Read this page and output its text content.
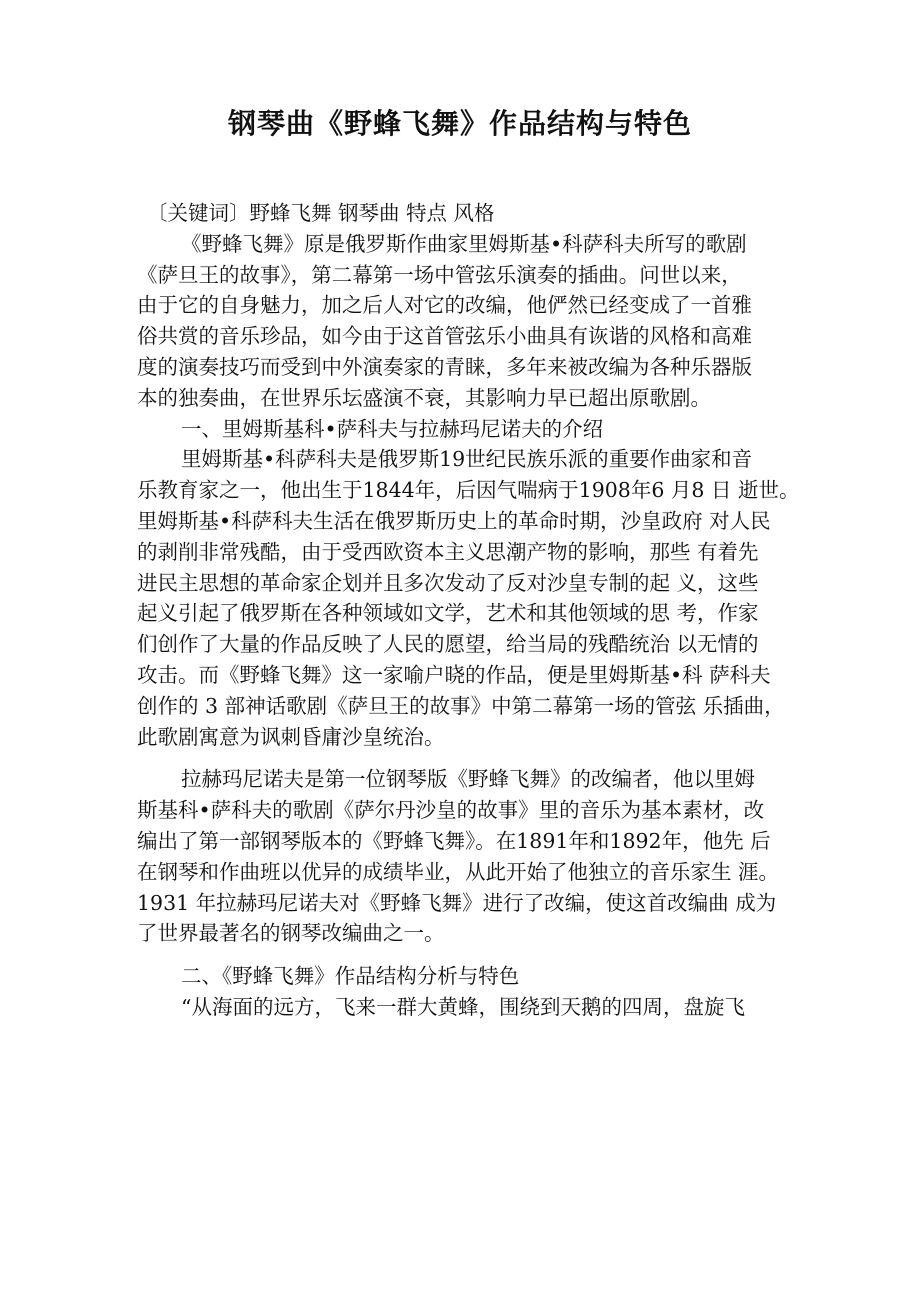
钢琴曲《野蜂飞舞》作品结构与特色
〔关键词〕野蜂飞舞 钢琴曲 特点 风格
《野蜂飞舞》原是俄罗斯作曲家里姆斯基•科萨科夫所写的歌剧
《萨旦王的故事》，第二幕第一场中管弦乐演奏的插曲。问世以来，
由于它的自身魅力，加之后人对它的改编，他俨然已经变成了一首雅
俗共赏的音乐珍品，如今由于这首管弦乐小曲具有诙谐的风格和高难
度的演奏技巧而受到中外演奏家的青睐，多年来被改编为各种乐器版
本的独奏曲，在世界乐坛盛演不衰，其影响力早已超出原歌剧。
一、里姆斯基科•萨科夫与拉赫玛尼诺夫的介绍
里姆斯基•科萨科夫是俄罗斯19世纪民族乐派的重要作曲家和音
乐教育家之一，他出生于1844年，后因气喘病于1908年6 月8 日 逝世。
里姆斯基•科萨科夫生活在俄罗斯历史上的革命时期，沙皇政府 对人民
的剥削非常残酷，由于受西欧资本主义思潮产物的影响，那些 有着先
进民主思想的革命家企划并且多次发动了反对沙皇专制的起 义，这些
起义引起了俄罗斯在各种领域如文学，艺术和其他领域的思 考，作家
们创作了大量的作品反映了人民的愿望，给当局的残酷统治 以无情的
攻击。而《野蜂飞舞》这一家喻户晓的作品，便是里姆斯基•科 萨科夫
创作的 3 部神话歌剧《萨旦王的故事》中第二幕第一场的管弦 乐插曲，
此歌剧寓意为讽刺昏庸沙皇统治。
拉赫玛尼诺夫是第一位钢琴版《野蜂飞舞》的改编者，他以里姆
斯基科•萨科夫的歌剧《萨尔丹沙皇的故事》里的音乐为基本素材，改
编出了第一部钢琴版本的《野蜂飞舞》。在1891年和1892年，他先 后
在钢琴和作曲班以优异的成绩毕业，从此开始了他独立的音乐家生 涯。
1931 年拉赫玛尼诺夫对《野蜂飞舞》进行了改编，使这首改编曲 成为
了世界最著名的钢琴改编曲之一。
二、《野蜂飞舞》作品结构分析与特色
“从海面的远方，飞来一群大黄蜂，围绕到天鹅的四周，盘旋飞
